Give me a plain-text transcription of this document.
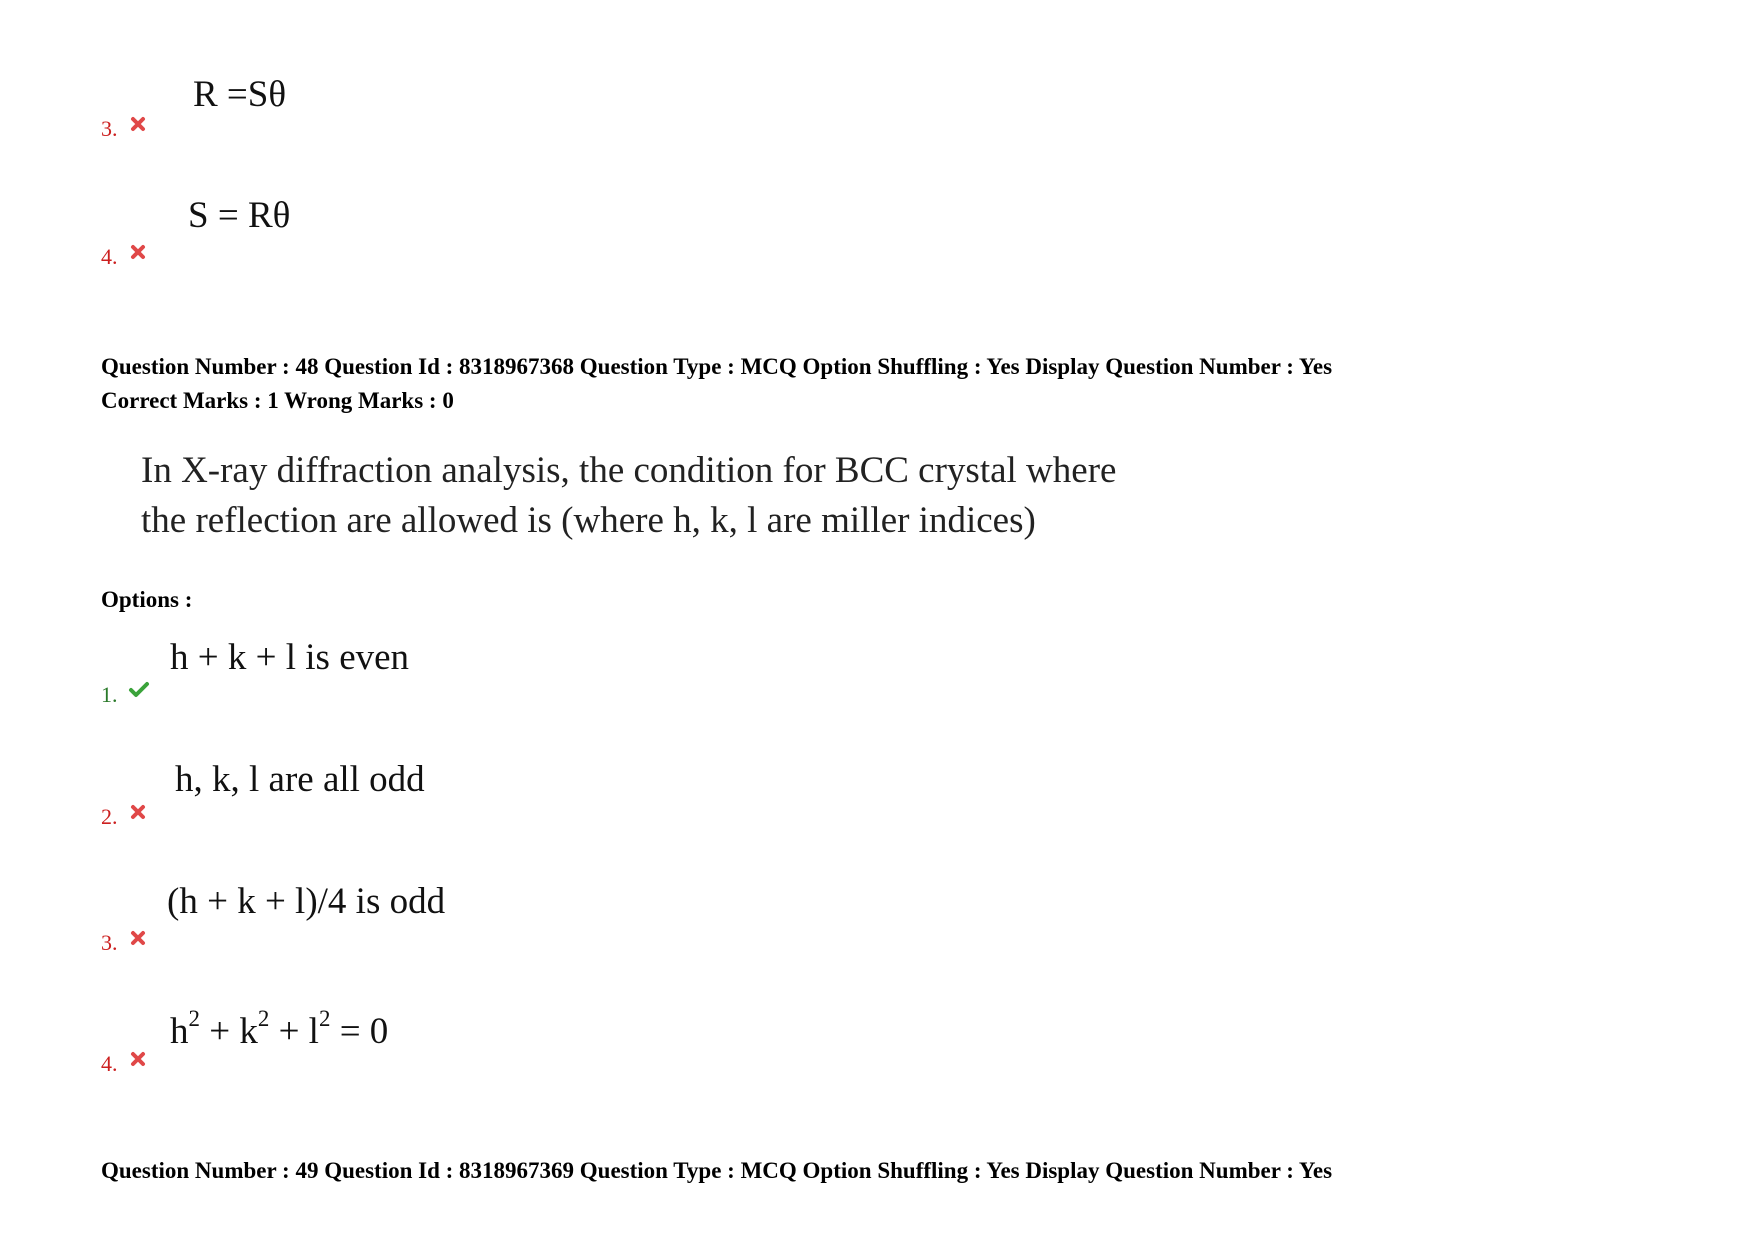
3.
R =Sθ
4.
S = Rθ
Question Number : 48 Question Id : 8318967368 Question Type : MCQ Option Shuffling : Yes Display Question Number : Yes
Correct Marks : 1 Wrong Marks : 0
In X-ray diffraction analysis, the condition for BCC crystal where
the reflection are allowed is (where h, k, l are miller indices)
Options :
1.
h + k + l is even
2.
h, k, l are all odd
3.
(h + k + l)/4 is odd
4.
$h^2 + k^2 + l^2 = 0$
Question Number : 49 Question Id : 8318967369 Question Type : MCQ Option Shuffling : Yes Display Question Number : Yes
